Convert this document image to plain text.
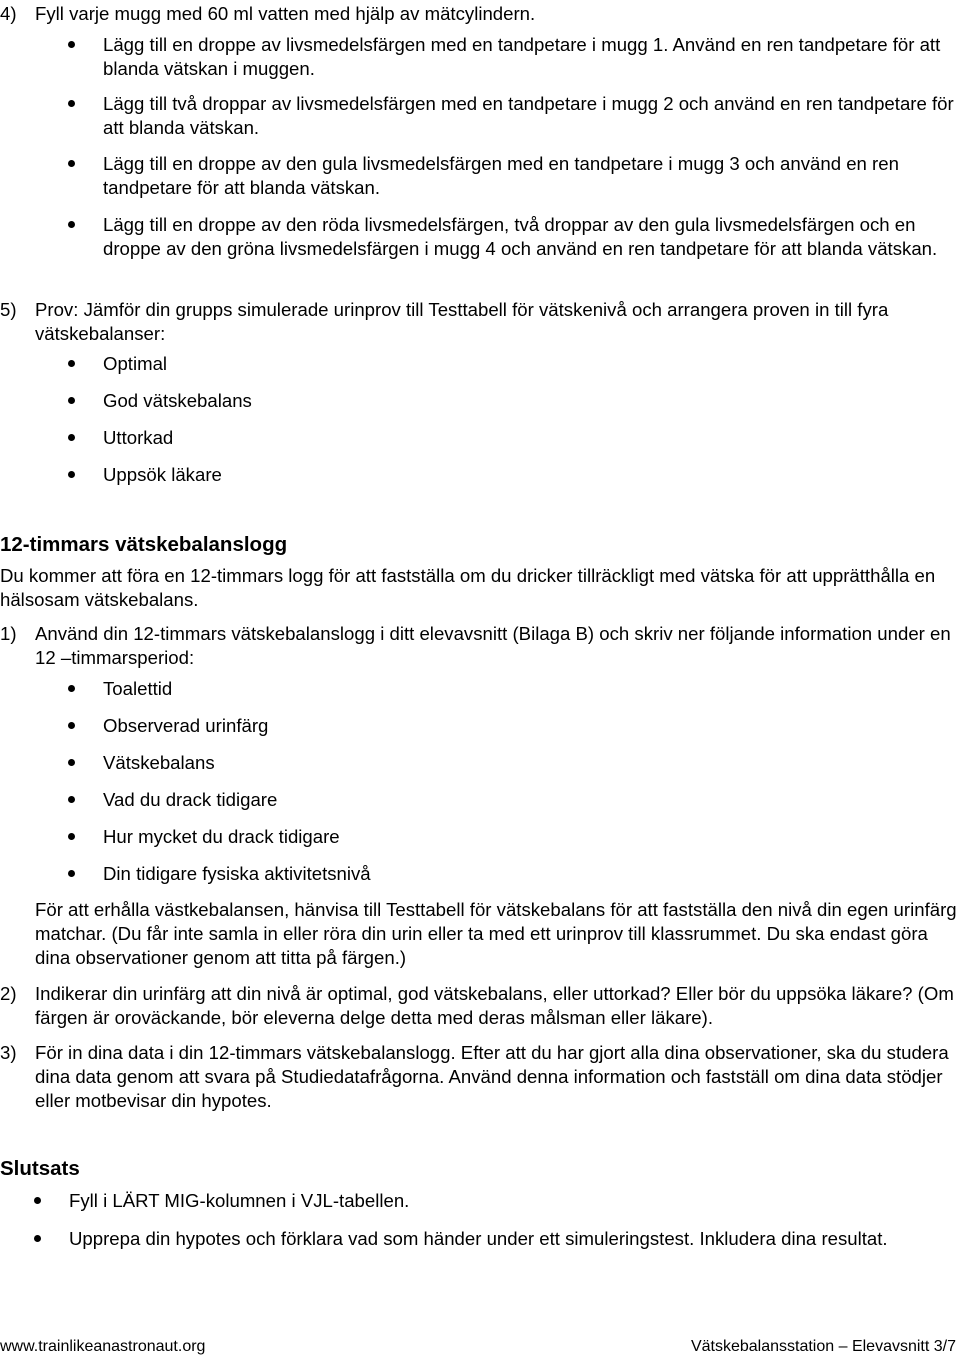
4) Fyll varje mugg med 60 ml vatten med hjälp av mätcylindern.
Lägg till en droppe av livsmedelsfärgen med en tandpetare i mugg 1. Använd en ren tandpetare för att blanda vätskan i muggen.
Lägg till två droppar av livsmedelsfärgen med en tandpetare i mugg 2 och använd en ren tandpetare för att blanda vätskan.
Lägg till en droppe av den gula livsmedelsfärgen med en tandpetare i mugg 3 och använd en ren tandpetare för att blanda vätskan.
Lägg till en droppe av den röda livsmedelsfärgen, två droppar av den gula livsmedelsfärgen och en droppe av den gröna livsmedelsfärgen i mugg 4 och använd en ren tandpetare för att blanda vätskan.
5) Prov: Jämför din grupps simulerade urinprov till Testtabell för vätskenivå och arrangera proven in till fyra vätskebalanser:
Optimal
God vätskebalans
Uttorkad
Uppsök läkare
12-timmars vätskebalanslogg
Du kommer att föra en 12-timmars logg för att fastställa om du dricker tillräckligt med vätska för att upprätthålla en hälsosam vätskebalans.
1) Använd din 12-timmars vätskebalanslogg i ditt elevavsnitt (Bilaga B) och skriv ner följande information under en 12 –timmarsperiod:
Toalettid
Observerad urinfärg
Vätskebalans
Vad du drack tidigare
Hur mycket du drack tidigare
Din tidigare fysiska aktivitetsnivå
För att erhålla västkebalansen, hänvisa till Testtabell för vätskebalans för att fastställa den nivå din egen urinfärg matchar. (Du får inte samla in eller röra din urin eller ta med ett urinprov till klassrummet. Du ska endast göra dina observationer genom att titta på färgen.)
2) Indikerar din urinfärg att din nivå är optimal, god vätskebalans, eller uttorkad? Eller bör du uppsöka läkare? (Om färgen är oroväckande, bör eleverna delge detta med deras målsman eller läkare).
3) För in dina data i din 12-timmars vätskebalanslogg. Efter att du har gjort alla dina observationer, ska du studera dina data genom att svara på Studiedatafrågorna. Använd denna information och fastställ om dina data stödjer eller motbevisar din hypotes.
Slutsats
Fyll i LÄRT MIG-kolumnen i VJL-tabellen.
Upprepa din hypotes och förklara vad som händer under ett simuleringstest. Inkludera dina resultat.
www.trainlikeanastronaut.org	Vätskebalansstation – Elevavsnitt 3/7
